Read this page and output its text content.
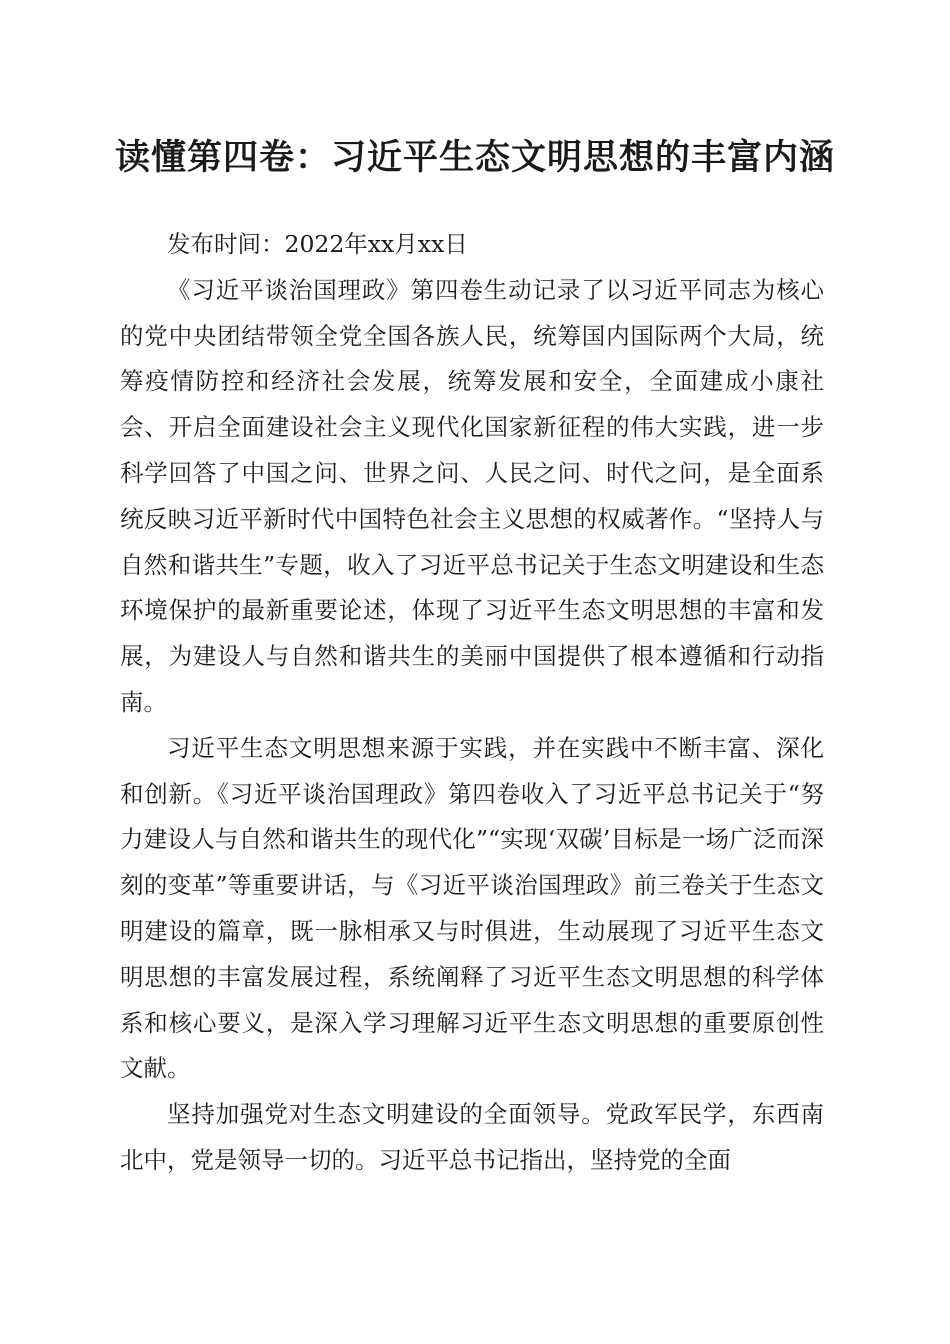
读懂第四卷：习近平生态文明思想的丰富内涵

发布时间：2022年xx月xx日

《习近平谈治国理政》第四卷生动记录了以习近平同志为核心的党中央团结带领全党全国各族人民，统筹国内国际两个大局，统筹疫情防控和经济社会发展，统筹发展和安全，全面建成小康社会、开启全面建设社会主义现代化国家新征程的伟大实践，进一步科学回答了中国之问、世界之问、人民之问、时代之问，是全面系统反映习近平新时代中国特色社会主义思想的权威著作。“坚持人与自然和谐共生”专题，收入了习近平总书记关于生态文明建设和生态环境保护的最新重要论述，体现了习近平生态文明思想的丰富和发展，为建设人与自然和谐共生的美丽中国提供了根本遵循和行动指南。

习近平生态文明思想来源于实践，并在实践中不断丰富、深化和创新。《习近平谈治国理政》第四卷收入了习近平总书记关于“努力建设人与自然和谐共生的现代化”“实现‘双碳’目标是一场广泛而深刻的变革”等重要讲话，与《习近平谈治国理政》前三卷关于生态文明建设的篇章，既一脉相承又与时俱进，生动展现了习近平生态文明思想的丰富发展过程，系统阐释了习近平生态文明思想的科学体系和核心要义，是深入学习理解习近平生态文明思想的重要原创性文献。

坚持加强党对生态文明建设的全面领导。党政军民学，东西南北中，党是领导一切的。习近平总书记指出，坚持党的全面
